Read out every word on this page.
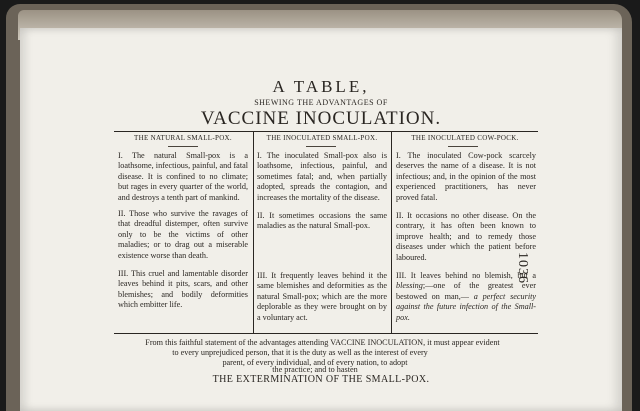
A TABLE,
SHEWING THE ADVANTAGES OF
VACCINE INOCULATION.
1036
THE NATURAL SMALL-POX.
I. The natural Small-pox is a loathsome, infectious, painful, and fatal disease. It is confined to no climate; but rages in every quarter of the world, and destroys a tenth part of mankind.
II. Those who survive the ravages of that dreadful distemper, often survive only to be the victims of other maladies; or to drag out a miserable existence worse than death.
III. This cruel and lamentable disorder leaves behind it pits, scars, and other blemishes; and bodily deformities which embitter life.
THE INOCULATED SMALL-POX.
I. The inoculated Small-pox also is loathsome, infectious, painful, and sometimes fatal; and, when partially adopted, spreads the contagion, and increases the mortality of the disease.
II. It sometimes occasions the same maladies as the natural Small-pox.
III. It frequently leaves behind it the same blemishes and deformities as the natural Small-pox; which are the more deplorable as they were brought on by a voluntary act.
THE INOCULATED COW-POCK.
I. The inoculated Cow-pock scarcely deserves the name of a disease. It is not infectious; and, in the opinion of the most experienced practitioners, has never proved fatal.
II. It occasions no other disease. On the contrary, it has often been known to improve health; and to remedy those diseases under which the patient before laboured.
III. It leaves behind no blemish, but a blessing;—one of the greatest ever bestowed on man,— a perfect security against the future infection of the Small-pox.
From this faithful statement of the advantages attending VACCINE INOCULATION, it must appear evident
to every unprejudiced person, that it is the duty as well as the interest of every
parent, of every individual, and of every nation, to adopt
the practice; and to hasten
THE EXTERMINATION OF THE SMALL-POX.
